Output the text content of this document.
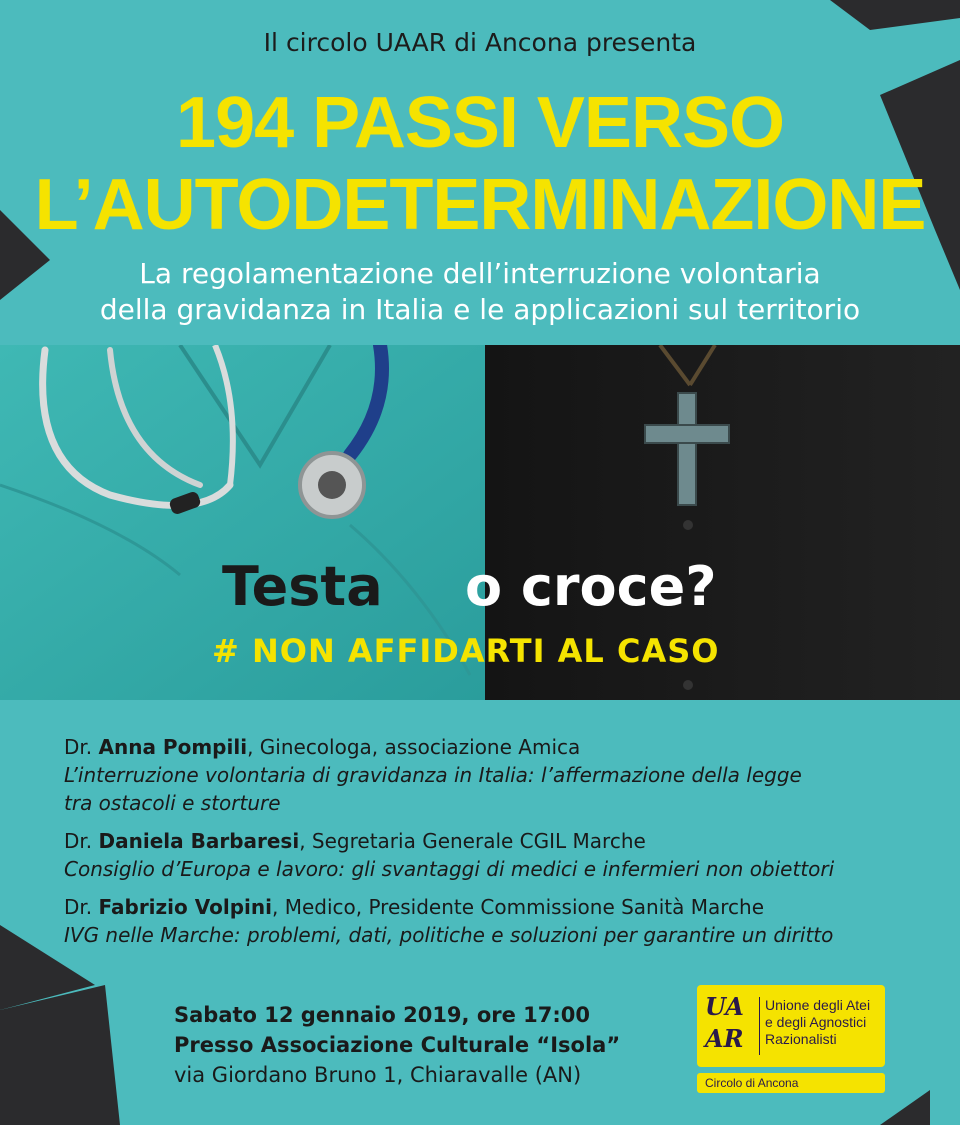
Il circolo UAAR di Ancona presenta
194 PASSI VERSO
L’AUTODETERMINAZIONE
La regolamentazione dell’interruzione volontaria
della gravidanza in Italia e le applicazioni sul territorio
Testa o croce?
# NON AFFIDARTI AL CASO
Dr. Anna Pompili, Ginecologa, associazione Amica
L’interruzione volontaria di gravidanza in Italia: l’affermazione della legge
tra ostacoli e storture
Dr. Daniela Barbaresi, Segretaria Generale CGIL Marche
Consiglio d’Europa e lavoro: gli svantaggi di medici e infermieri non obiettori
Dr. Fabrizio Volpini, Medico, Presidente Commissione Sanità Marche
IVG nelle Marche: problemi, dati, politiche e soluzioni per garantire un diritto
Sabato 12 gennaio 2019, ore 17:00
Presso Associazione Culturale “Isola”
via Giordano Bruno 1, Chiaravalle (AN)
UA
AR
Unione degli Atei
e degli Agnostici
Razionalisti
Circolo di Ancona
